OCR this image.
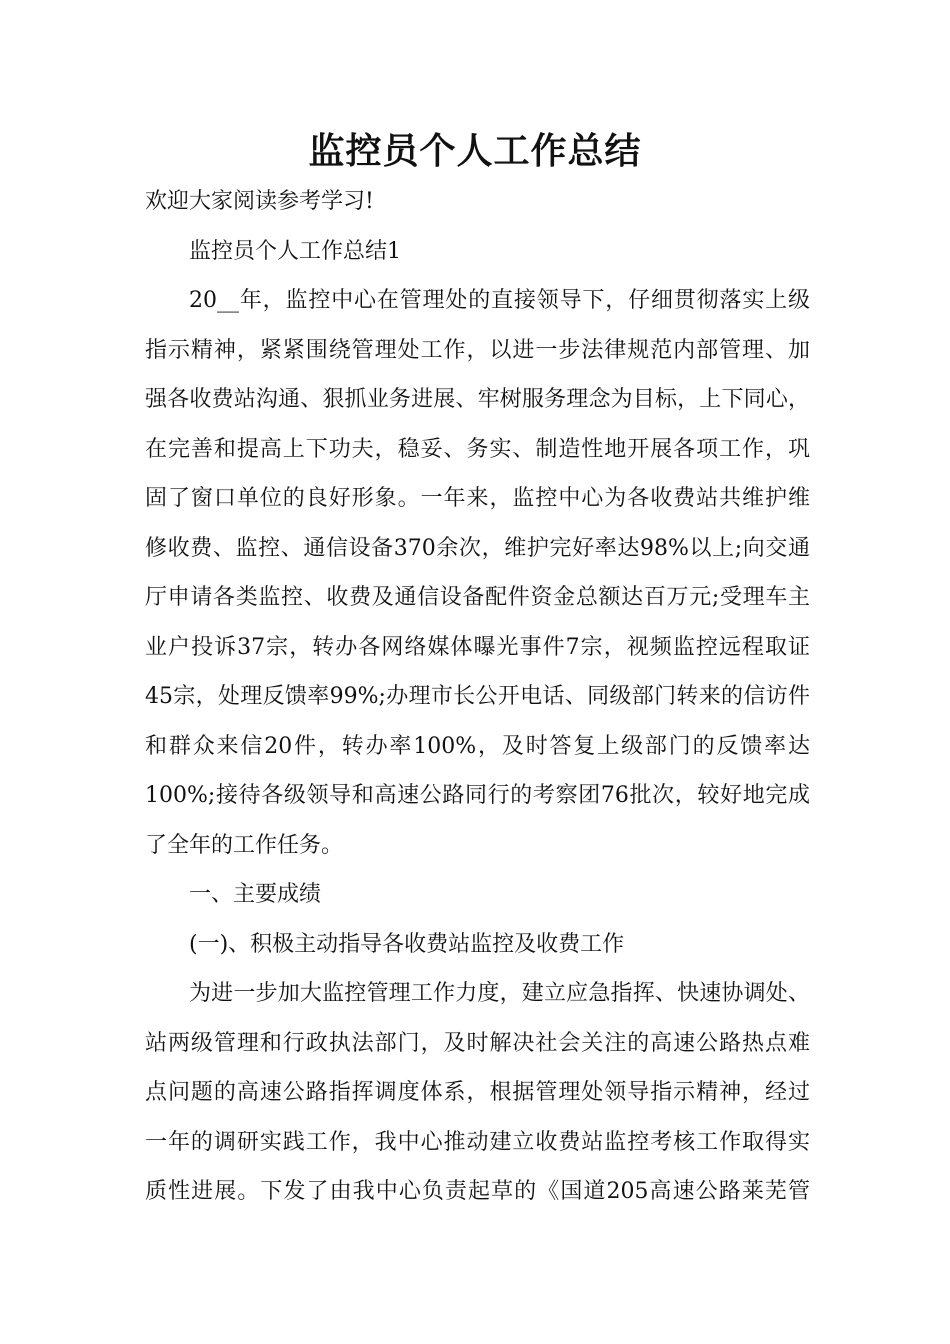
监控员个人工作总结

欢迎大家阅读参考学习!

监控员个人工作总结1

20__年，监控中心在管理处的直接领导下，仔细贯彻落实上级
指示精神，紧紧围绕管理处工作，以进一步法律规范内部管理、加
强各收费站沟通、狠抓业务进展、牢树服务理念为目标，上下同心，
在完善和提高上下功夫，稳妥、务实、制造性地开展各项工作，巩
固了窗口单位的良好形象。一年来，监控中心为各收费站共维护维
修收费、监控、通信设备370余次，维护完好率达98%以上;向交通
厅申请各类监控、收费及通信设备配件资金总额达百万元;受理车主
业户投诉37宗，转办各网络媒体曝光事件7宗，视频监控远程取证
45宗，处理反馈率99%;办理市长公开电话、同级部门转来的信访件
和群众来信20件，转办率100%，及时答复上级部门的反馈率达
100%;接待各级领导和高速公路同行的考察团76批次，较好地完成
了全年的工作任务。

一、主要成绩

(一)、积极主动指导各收费站监控及收费工作

为进一步加大监控管理工作力度，建立应急指挥、快速协调处、
站两级管理和行政执法部门，及时解决社会关注的高速公路热点难
点问题的高速公路指挥调度体系，根据管理处领导指示精神，经过
一年的调研实践工作，我中心推动建立收费站监控考核工作取得实
质性进展。下发了由我中心负责起草的《国道205高速公路莱芜管
